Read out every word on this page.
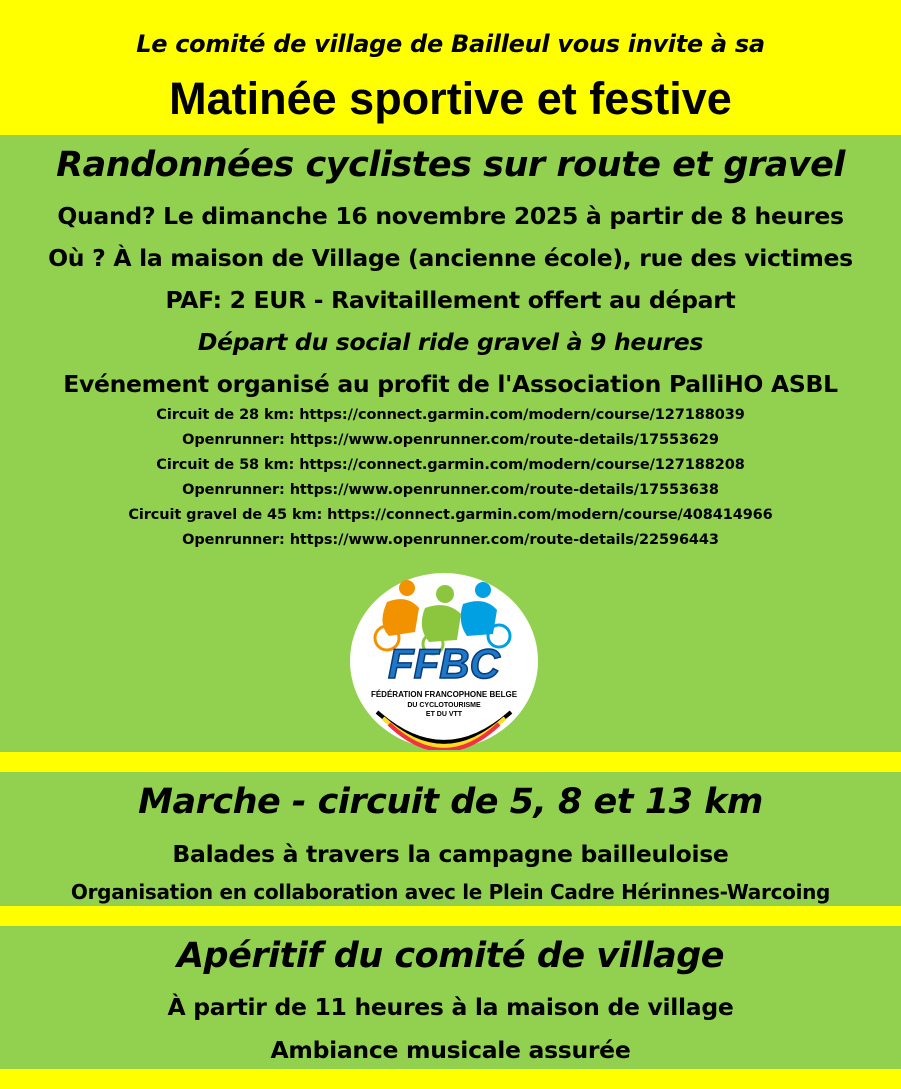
Le comité de village de Bailleul vous invite à sa
Matinée sportive et festive
Randonnées cyclistes sur route et gravel
Quand? Le dimanche 16 novembre 2025 à partir de 8 heures
Où ? À la maison de Village (ancienne école), rue des victimes
PAF: 2 EUR - Ravitaillement offert au départ
Départ du social ride gravel à 9 heures
Evénement organisé au profit de l'Association PalliHO ASBL
Circuit de 28 km: https://connect.garmin.com/modern/course/127188039
Openrunner: https://www.openrunner.com/route-details/17553629
Circuit de 58 km: https://connect.garmin.com/modern/course/127188208
Openrunner: https://www.openrunner.com/route-details/17553638
Circuit gravel de 45 km: https://connect.garmin.com/modern/course/408414966
Openrunner: https://www.openrunner.com/route-details/22596443
FFBC
FÉDÉRATION FRANCOPHONE BELGE
DU CYCLOTOURISME
ET DU VTT
Marche - circuit de 5, 8 et 13 km
Balades à travers la campagne bailleuloise
Organisation en collaboration avec le Plein Cadre Hérinnes-Warcoing
Apéritif du comité de village
À partir de 11 heures à la maison de village
Ambiance musicale assurée
